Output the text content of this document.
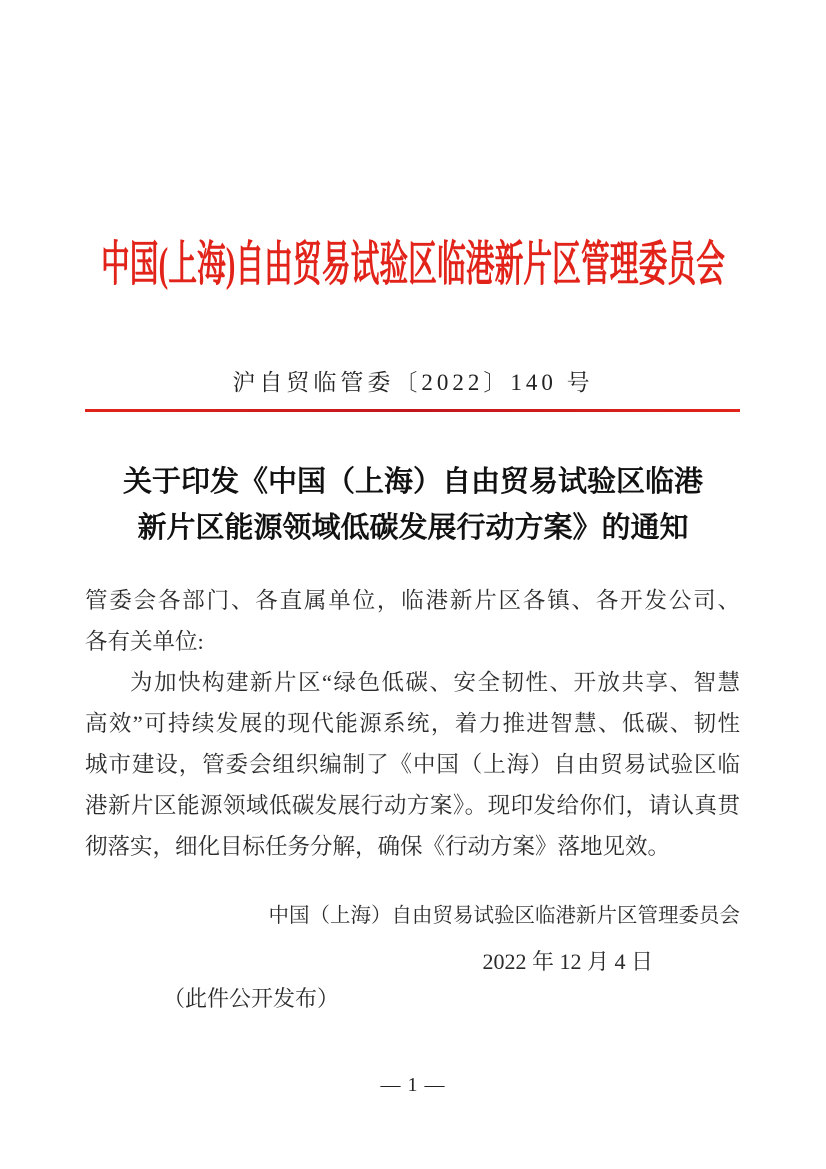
中国(上海)自由贸易试验区临港新片区管理委员会
沪自贸临管委〔2022〕140 号
关于印发《中国（上海）自由贸易试验区临港
新片区能源领域低碳发展行动方案》的通知
管委会各部门、各直属单位，临港新片区各镇、各开发公司、
各有关单位:
为加快构建新片区“绿色低碳、安全韧性、开放共享、智慧
高效”可持续发展的现代能源系统，着力推进智慧、低碳、韧性
城市建设，管委会组织编制了《中国（上海）自由贸易试验区临
港新片区能源领域低碳发展行动方案》。现印发给你们，请认真贯
彻落实，细化目标任务分解，确保《行动方案》落地见效。
中国（上海）自由贸易试验区临港新片区管理委员会
2022 年 12 月 4 日
（此件公开发布）
— 1 —
